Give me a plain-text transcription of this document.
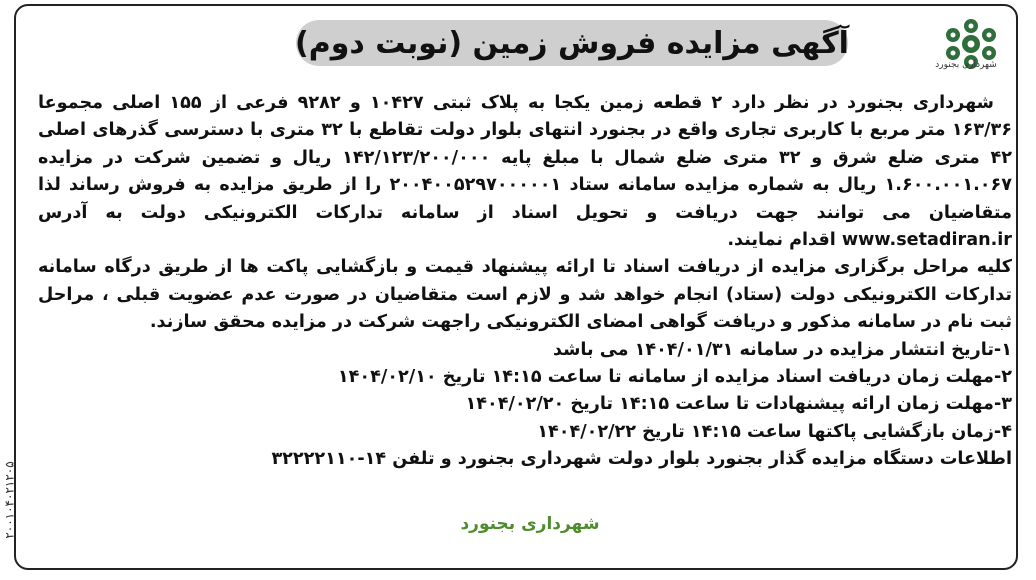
آگهی مزایده فروش زمین (نوبت دوم)
شهرداری بجنورد

شهرداری بجنورد در نظر دارد ۲ قطعه زمین یکجا به پلاک ثبتی ۱۰۴۲۷ و ۹۲۸۲ فرعی از ۱۵۵ اصلی مجموعا ۱۶۳/۳۶ متر مربع با کاربری تجاری واقع در بجنورد انتهای بلوار دولت تقاطع با ۳۲ متری با دسترسی گذرهای اصلی ۴۲ متری ضلع شرق و ۳۲ متری ضلع شمال با مبلغ پایه ۱۴۲/۱۲۳/۲۰۰/۰۰۰ ریال و تضمین شرکت در مزایده ۱.۶۰۰.۰۰۱.۰۶۷ ریال به شماره مزایده سامانه ستاد ۲۰۰۴۰۰۵۲۹۷۰۰۰۰۰۱ را از طریق مزایده به فروش رساند لذا متقاضیان می توانند جهت دریافت و تحویل اسناد از سامانه تدارکات الکترونیکی دولت به آدرس www.setadiran.ir اقدام نمایند.

کلیه مراحل برگزاری مزایده از دریافت اسناد تا ارائه پیشنهاد قیمت و بازگشایی پاکت ها از طریق درگاه سامانه تدارکات الکترونیکی دولت (ستاد) انجام خواهد شد و لازم است متقاضیان در صورت عدم عضویت قبلی ، مراحل ثبت نام در سامانه مذکور و دریافت گواهی امضای الکترونیکی راجهت شرکت در مزایده محقق سازند.

۱-تاریخ انتشار مزایده در سامانه ۱۴۰۴/۰۱/۳۱ می باشد

۲-مهلت زمان دریافت اسناد مزایده از سامانه تا ساعت ۱۴:۱۵ تاریخ ۱۴۰۴/۰۲/۱۰

۳-مهلت زمان ارائه پیشنهادات تا ساعت ۱۴:۱۵ تاریخ ۱۴۰۴/۰۲/۲۰

۴-زمان بازگشایی پاکتها ساعت ۱۴:۱۵ تاریخ ۱۴۰۴/۰۲/۲۲

اطلاعات دستگاه مزایده گذار بجنورد بلوار دولت شهرداری بجنورد و تلفن ۱۴-۳۲۲۲۲۱۱۰

شهرداری بجنورد
۲۰۰۱۰۴۰۲۱۲۰۵
